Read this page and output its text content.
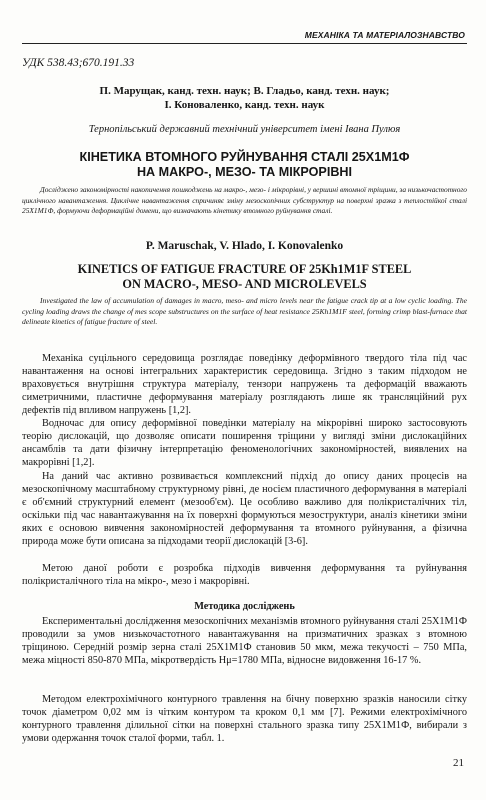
МЕХАНІКА ТА МАТЕРІАЛОЗНАВСТВО
УДК 538.43;670.191.33
П. Марущак, канд. техн. наук; В. Гладьо, канд. техн. наук;
І. Коноваленко, канд. техн. наук
Тернопільський державний технічний університет імені Івана Пулюя
КІНЕТИКА ВТОМНОГО РУЙНУВАННЯ СТАЛІ 25Х1М1Ф
НА МАКРО-, МЕЗО- ТА МІКРОРІВНІ
Досліджено закономірності накопичення пошкоджень на макро-, мезо- і мікрорівні, у вершині втомної тріщини, за низькочастотного циклічного навантаження. Циклічне навантаження спричиняє зміну мезоскопічних субструктур на поверхні зразка з теплостійкої сталі 25Х1М1Ф, формуючи деформаційні домени, що визначають кінетику втомного руйнування сталі.
P. Maruschak, V. Hlado, I. Konovalenko
KINETICS OF FATIGUE FRACTURE OF 25Kh1M1F STEEL
ON MACRO-, MESO- AND MICROLEVELS
Investigated the law of accumulation of damages in macro, meso- and micro levels near the fatigue crack tip at a low cyclic loading. The cycling loading draws the change of mes scope substructures on the surface of heat resistance 25Kh1M1F steel, forming crimp blast-furnace that delineate kinetics of fatigue fracture of steel.

Механіка суцільного середовища розглядає поведінку деформівного твердого тіла під час навантаження на основі інтегральних характеристик середовища. Згідно з таким підходом не враховується внутрішня структура матеріалу, тензори напружень та деформацій вважають симетричними, пластичне деформування матеріалу розглядають лише як трансляційний рух дефектів під впливом напружень [1,2].

Водночас для опису деформівної поведінки матеріалу на мікрорівні широко застосовують теорію дислокацій, що дозволяє описати поширення тріщини у вигляді зміни дислокаційних ансамблів та дати фізичну інтерпретацію феноменологічних закономірностей, виявлених на макрорівні [1,2].

На даний час активно розвивається комплексний підхід до опису даних процесів на мезоскопічному масштабному структурному рівні, де носієм пластичного деформування в матеріалі є об'ємний структурний елемент (мезооб'єм). Це особливо важливо для полікристалічних тіл, оскільки під час навантажування на їх поверхні формуються мезоструктури, аналіз кінетики зміни яких є основою вивчення закономірностей деформування та втомного руйнування, а фізична природа може бути описана за підходами теорії дислокацій [3-6].

Метою даної роботи є розробка підходів вивчення деформування та руйнування полікристалічного тіла на мікро-, мезо і макрорівні.

Методика досліджень

Експериментальні дослідження мезоскопічних механізмів втомного руйнування сталі 25Х1М1Ф проводили за умов низькочастотного навантажування на призматичних зразках з втомною тріщиною. Середній розмір зерна сталі 25Х1М1Ф становив 50 мкм, межа текучості – 750 МПа, межа міцності 850-870 МПа, мікротвердість Hμ=1780 МПа, відносне видовження 16-17 %.

Методом електрохімічного контурного травлення на бічну поверхню зразків наносили сітку точок діаметром 0,02 мм із чітким контуром та кроком 0,1 мм [7]. Режими електрохімічного контурного травлення ділильної сітки на поверхні стального зразка типу 25Х1М1Ф, вибирали з умови одержання точок сталої форми, табл. 1.

21
